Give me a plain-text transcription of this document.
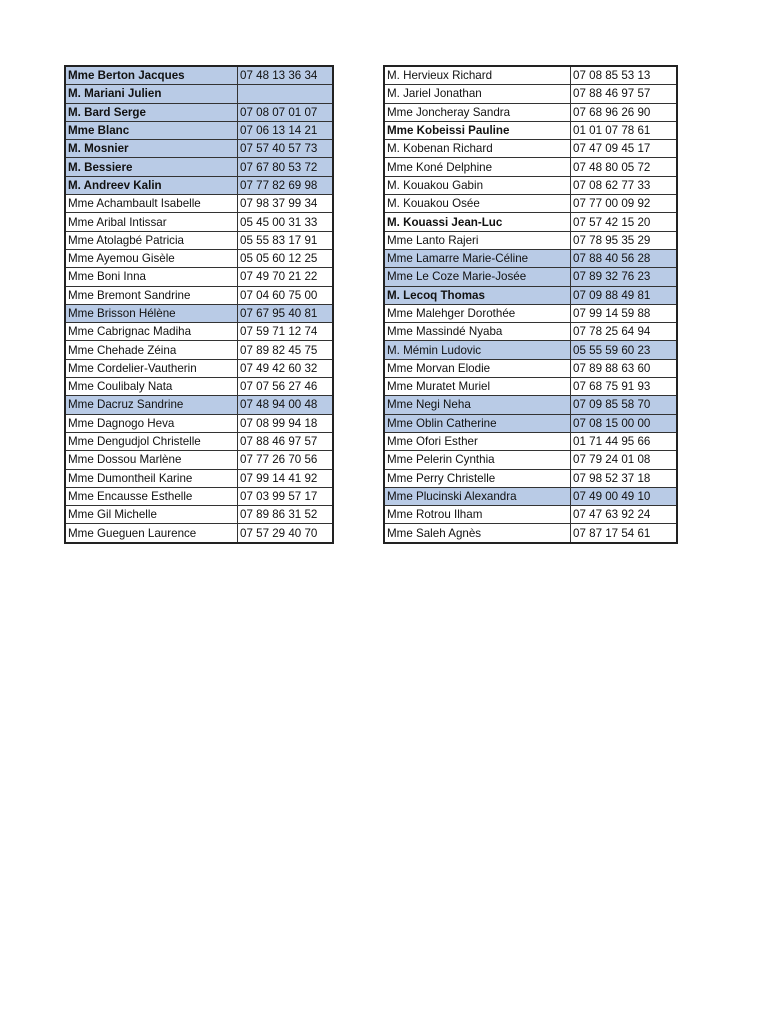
Mme Berton Jacques	07 48 13 36 34
M. Mariani Julien	
M. Bard Serge	07 08 07 01 07
Mme Blanc	07 06 13 14 21
M. Mosnier	07 57 40 57 73
M. Bessiere	07 67 80 53 72
M. Andreev Kalin	07 77 82 69 98
Mme Achambault Isabelle	07 98 37 99 34
Mme Aribal Intissar	05 45 00 31 33
Mme Atolagbé Patricia	05 55 83 17 91
Mme Ayemou Gisèle	05 05 60 12 25
Mme Boni Inna	07 49 70 21 22
Mme Bremont Sandrine	07 04 60 75 00
Mme Brisson Hélène	07 67 95 40 81
Mme Cabrignac Madiha	07 59 71 12 74
Mme Chehade Zéina	07 89 82 45 75
Mme Cordelier-Vautherin	07 49 42 60 32
Mme Coulibaly Nata	07 07 56 27 46
Mme Dacruz Sandrine	07 48 94 00 48
Mme Dagnogo Heva	07 08 99 94 18
Mme Dengudjol Christelle	07 88 46 97 57
Mme Dossou Marlène	07 77 26 70 56
Mme Dumontheil Karine	07 99 14 41 92
Mme Encausse Esthelle	07 03 99 57 17
Mme Gil Michelle	07 89 86 31 52
Mme Gueguen Laurence	07 57 29 40 70
M. Hervieux Richard	07 08 85 53 13
M. Jariel Jonathan	07 88 46 97 57
Mme Joncheray Sandra	07 68 96 26 90
Mme Kobeissi Pauline	01 01 07 78 61
M. Kobenan Richard	07 47 09 45 17
Mme Koné Delphine	07 48 80 05 72
M. Kouakou Gabin	07 08 62 77 33
M. Kouakou Osée	07 77 00 09 92
M. Kouassi Jean-Luc	07 57 42 15 20
Mme Lanto Rajeri	07 78 95 35 29
Mme Lamarre Marie-Céline	07 88 40 56 28
Mme Le Coze Marie-Josée	07 89 32 76 23
M. Lecoq Thomas	07 09 88 49 81
Mme Malehger Dorothée	07 99 14 59 88
Mme Massindé Nyaba	07 78 25 64 94
M. Mémin Ludovic	05 55 59 60 23
Mme Morvan Elodie	07 89 88 63 60
Mme Muratet Muriel	07 68 75 91 93
Mme Negi Neha	07 09 85 58 70
Mme Oblin Catherine	07 08 15 00 00
Mme Ofori Esther	01 71 44 95 66
Mme Pelerin Cynthia	07 79 24 01 08
Mme Perry Christelle	07 98 52 37 18
Mme Plucinski Alexandra	07 49 00 49 10
Mme Rotrou Ilham	07 47 63 92 24
Mme Saleh Agnès	07 87 17 54 61
